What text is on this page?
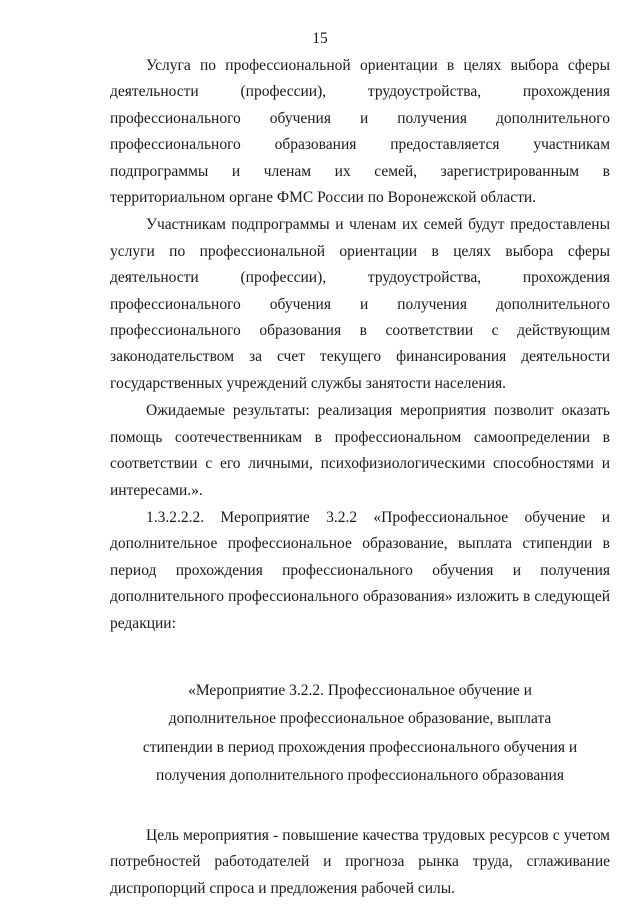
15

Услуга по профессиональной ориентации в целях выбора сферы деятельности (профессии), трудоустройства, прохождения профессионального обучения и получения дополнительного профессионального образования предоставляется участникам подпрограммы и членам их семей, зарегистрированным в территориальном органе ФМС России по Воронежской области.

Участникам подпрограммы и членам их семей будут предоставлены услуги по профессиональной ориентации в целях выбора сферы деятельности (профессии), трудоустройства, прохождения профессионального обучения и получения дополнительного профессионального образования в соответствии с действующим законодательством за счет текущего финансирования деятельности государственных учреждений службы занятости населения.

Ожидаемые результаты: реализация мероприятия позволит оказать помощь соотечественникам в профессиональном самоопределении в соответствии с его личными, психофизиологическими способностями и интересами.».

1.3.2.2.2. Мероприятие 3.2.2 «Профессиональное обучение и дополнительное профессиональное образование, выплата стипендии в период прохождения профессионального обучения и получения дополнительного профессионального образования» изложить в следующей редакции:

«Мероприятие 3.2.2. Профессиональное обучение и
дополнительное профессиональное образование, выплата
стипендии в период прохождения профессионального обучения и
получения дополнительного профессионального образования

Цель мероприятия - повышение качества трудовых ресурсов с учетом потребностей работодателей и прогноза рынка труда, сглаживание диспропорций спроса и предложения рабочей силы.
